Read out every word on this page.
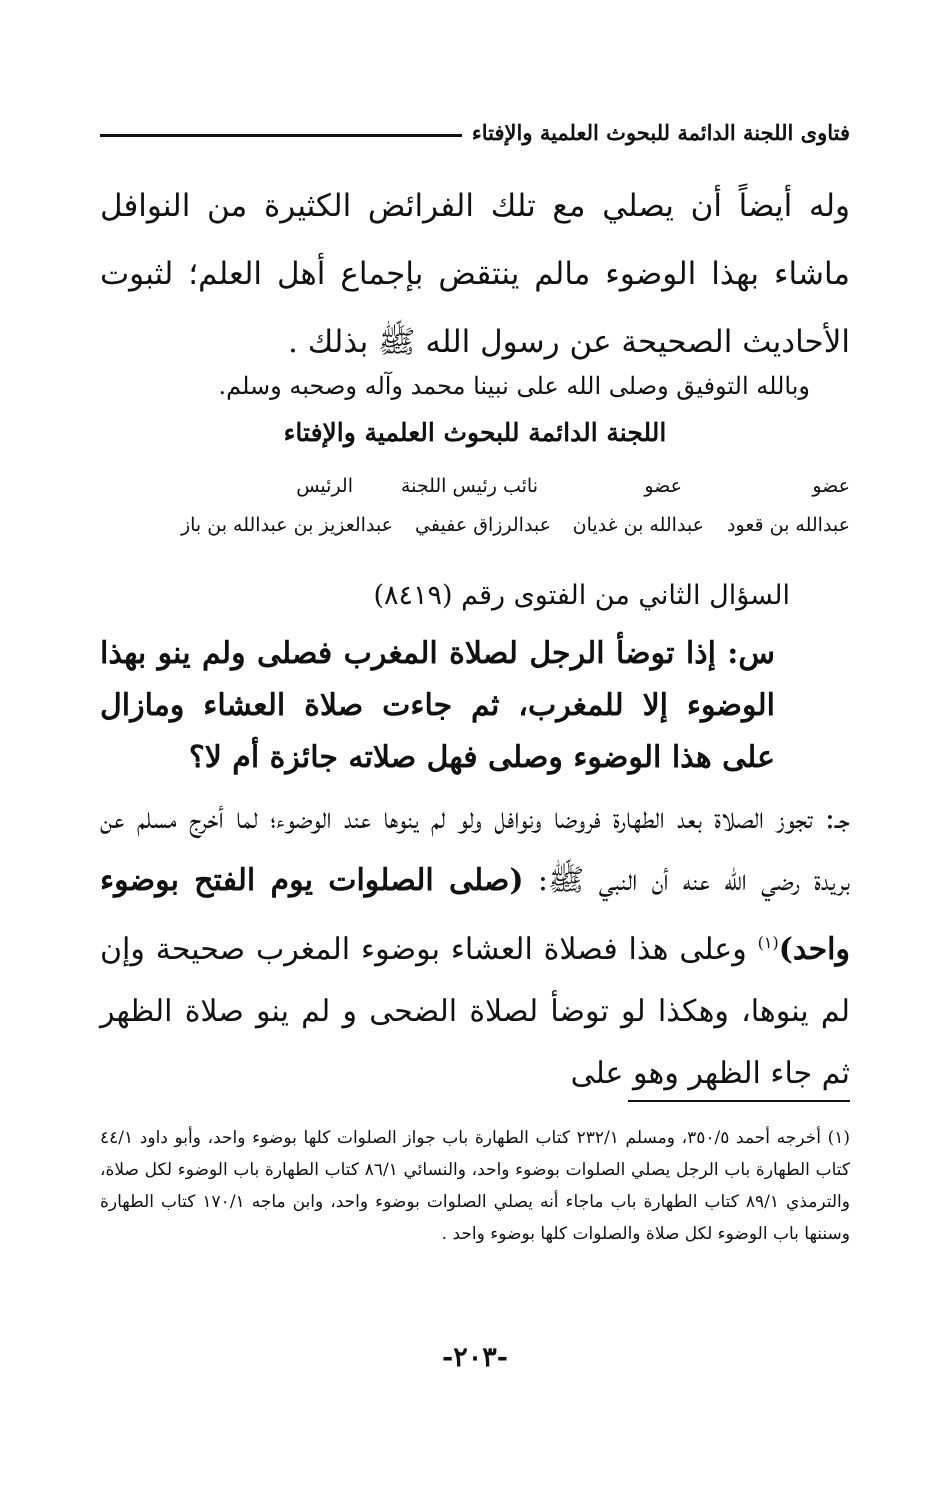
فتاوى اللجنة الدائمة للبحوث العلمية والإفتاء
وله أيضاً أن يصلي مع تلك الفرائض الكثيرة من النوافل ماشاء بهذا الوضوء مالم ينتقض بإجماع أهل العلم؛ لثبوت الأحاديث الصحيحة عن رسول الله ﷺ بذلك .
وبالله التوفيق وصلى الله على نبينا محمد وآله وصحبه وسلم.
اللجنة الدائمة للبحوث العلمية والإفتاء
عضو
عضو
نائب رئيس اللجنة
الرئيس
عبدالله بن قعود
عبدالله بن غديان
عبدالرزاق عفيفي
عبدالعزيز بن عبدالله بن باز
السؤال الثاني من الفتوى رقم (٨٤١٩)
س: إذا توضأ الرجل لصلاة المغرب فصلى ولم ينو بهذا الوضوء إلا للمغرب، ثم جاءت صلاة العشاء ومازال على هذا الوضوء وصلى فهل صلاته جائزة أم لا؟
جـ: تجوز الصلاة بعد الطهارة فروضا ونوافل ولو لم ينوها عند الوضوء؛ لما أخرج مسلم عن بريدة رضي الله عنه أن النبي ﷺ: (صلى الصلوات يوم الفتح بوضوء واحد)$^{(١)}$ وعلى هذا فصلاة العشاء بوضوء المغرب صحيحة وإن لم ينوها، وهكذا لو توضأ لصلاة الضحى و لم ينو صلاة الظهر ثم جاء الظهر وهو على
(١) أخرجه أحمد ٣٥٠/٥، ومسلم ٢٣٢/١ كتاب الطهارة باب جواز الصلوات كلها بوضوء واحد، وأبو داود ٤٤/١ كتاب الطهارة باب الرجل يصلي الصلوات بوضوء واحد، والنسائي ٨٦/١ كتاب الطهارة باب الوضوء لكل صلاة، والترمذي ٨٩/١ كتاب الطهارة باب ماجاء أنه يصلي الصلوات بوضوء واحد، وابن ماجه ١٧٠/١ كتاب الطهارة وسننها باب الوضوء لكل صلاة والصلوات كلها بوضوء واحد .
-٢٠٣-
